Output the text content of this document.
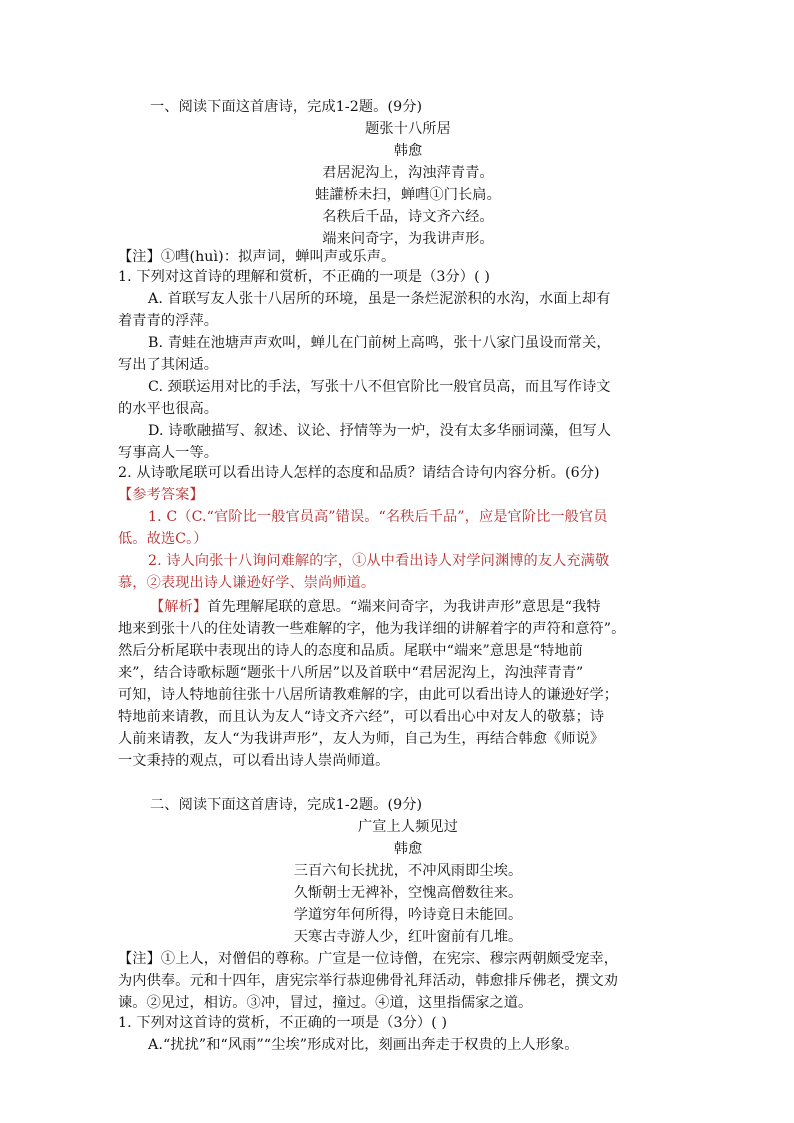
一、阅读下面这首唐诗，完成1-2题。(9分)
题张十八所居
韩愈
君居泥沟上，沟浊萍青青。
蛙讙桥未扫，蝉嘒①门长扃。
名秩后千品，诗文齐六经。
端来问奇字，为我讲声形。
【注】①嘒(huì)：拟声词，蝉叫声或乐声。
1. 下列对这首诗的理解和赏析，不正确的一项是（3分）( )
A. 首联写友人张十八居所的环境，虽是一条烂泥淤积的水沟，水面上却有
着青青的浮萍。
B. 青蛙在池塘声声欢叫，蝉儿在门前树上高鸣，张十八家门虽设而常关，
写出了其闲适。
C. 颈联运用对比的手法，写张十八不但官阶比一般官员高，而且写作诗文
的水平也很高。
D. 诗歌融描写、叙述、议论、抒情等为一炉，没有太多华丽词藻，但写人
写事高人一等。
2. 从诗歌尾联可以看出诗人怎样的态度和品质？请结合诗句内容分析。(6分)
【参考答案】
1. C（C.“官阶比一般官员高”错误。“名秩后千品”，应是官阶比一般官员
低。故选C。）
2. 诗人向张十八询问难解的字，①从中看出诗人对学问渊博的友人充满敬
慕，②表现出诗人谦逊好学、崇尚师道。
【解析】首先理解尾联的意思。“端来问奇字，为我讲声形”意思是“我特
地来到张十八的住处请教一些难解的字，他为我详细的讲解着字的声符和意符”。
然后分析尾联中表现出的诗人的态度和品质。尾联中“端来”意思是“特地前
来”，结合诗歌标题“题张十八所居”以及首联中“君居泥沟上，沟浊萍青青”
可知，诗人特地前往张十八居所请教难解的字，由此可以看出诗人的谦逊好学；
特地前来请教，而且认为友人“诗文齐六经”，可以看出心中对友人的敬慕；诗
人前来请教，友人“为我讲声形”，友人为师，自己为生，再结合韩愈《师说》
一文秉持的观点，可以看出诗人崇尚师道。
二、阅读下面这首唐诗，完成1-2题。(9分)
广宣上人频见过
韩愈
三百六旬长扰扰，不冲风雨即尘埃。
久惭朝士无裨补，空愧高僧数往来。
学道穷年何所得，吟诗竟日未能回。
天寒古寺游人少，红叶窗前有几堆。
【注】①上人，对僧侣的尊称。广宣是一位诗僧，在宪宗、穆宗两朝颇受宠幸，
为内供奉。元和十四年，唐宪宗举行恭迎佛骨礼拜活动，韩愈排斥佛老，撰文劝
谏。②见过，相访。③冲，冒过，撞过。④道，这里指儒家之道。
1. 下列对这首诗的赏析，不正确的一项是（3分）( )
A.“扰扰”和“风雨”“尘埃”形成对比，刻画出奔走于权贵的上人形象。
